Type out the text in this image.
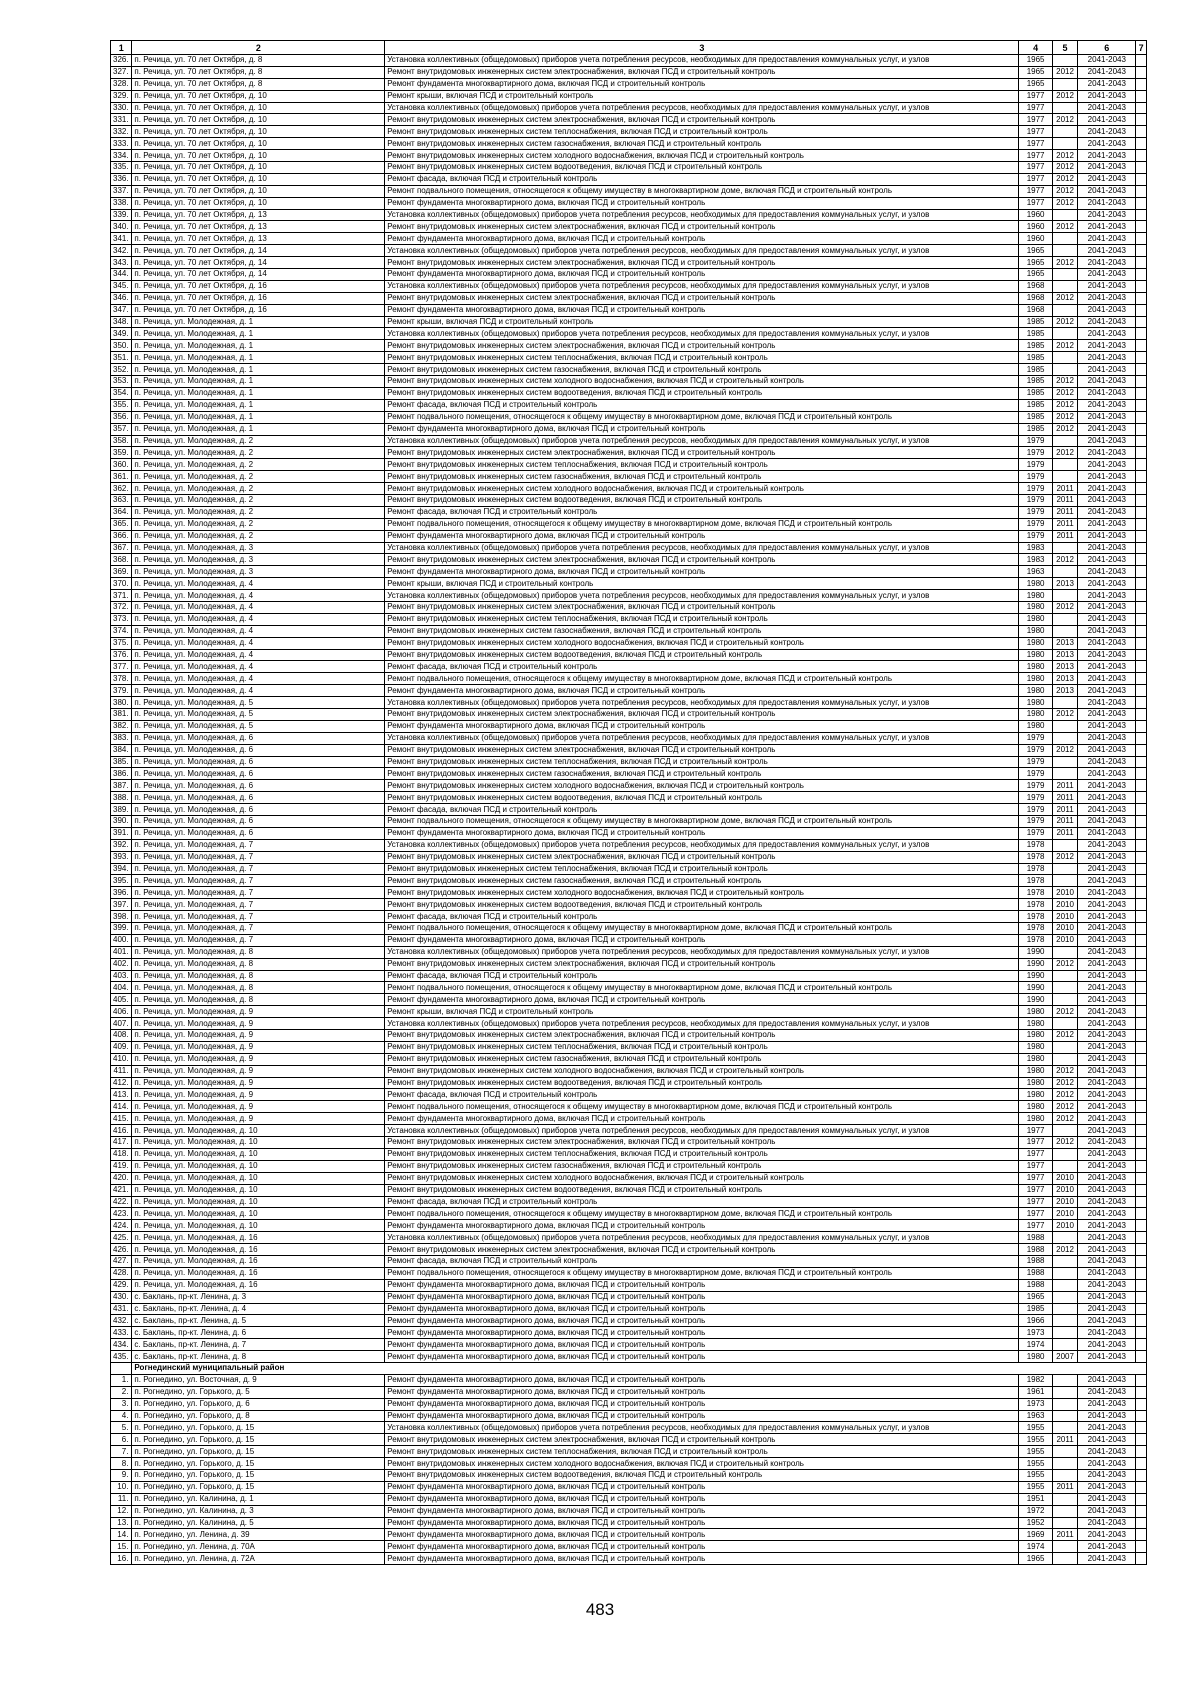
1	2	3	4	5	6	7
326.	п. Речица, ул. 70 лет Октября, д. 8	Установка коллективных (общедомовых) приборов учета потребления ресурсов, необходимых для предоставления коммунальных услуг, и узлов	1965		2041-2043	
327.	п. Речица, ул. 70 лет Октября, д. 8	Ремонт внутридомовых инженерных систем электроснабжения, включая ПСД и строительный контроль	1965	2012	2041-2043	
328.	п. Речица, ул. 70 лет Октября, д. 8	Ремонт фундамента многоквартирного дома, включая ПСД и строительный контроль	1965		2041-2043	
329.	п. Речица, ул. 70 лет Октября, д. 10	Ремонт крыши, включая ПСД и строительный контроль	1977	2012	2041-2043	
330.	п. Речица, ул. 70 лет Октября, д. 10	Установка коллективных (общедомовых) приборов учета потребления ресурсов, необходимых для предоставления коммунальных услуг, и узлов	1977		2041-2043	
331.	п. Речица, ул. 70 лет Октября, д. 10	Ремонт внутридомовых инженерных систем электроснабжения, включая ПСД и строительный контроль	1977	2012	2041-2043	
332.	п. Речица, ул. 70 лет Октября, д. 10	Ремонт внутридомовых инженерных систем теплоснабжения, включая ПСД и строительный контроль	1977		2041-2043	
333.	п. Речица, ул. 70 лет Октября, д. 10	Ремонт внутридомовых инженерных систем газоснабжения, включая ПСД и строительный контроль	1977		2041-2043	
334.	п. Речица, ул. 70 лет Октября, д. 10	Ремонт внутридомовых инженерных систем холодного водоснабжения, включая ПСД и строительный контроль	1977	2012	2041-2043	
335.	п. Речица, ул. 70 лет Октября, д. 10	Ремонт внутридомовых инженерных систем водоотведения, включая ПСД и строительный контроль	1977	2012	2041-2043	
336.	п. Речица, ул. 70 лет Октября, д. 10	Ремонт фасада, включая ПСД и строительный контроль	1977	2012	2041-2043	
337.	п. Речица, ул. 70 лет Октября, д. 10	Ремонт подвального помещения, относящегося к общему имуществу в многоквартирном доме, включая ПСД и строительный контроль	1977	2012	2041-2043	
338.	п. Речица, ул. 70 лет Октября, д. 10	Ремонт фундамента многоквартирного дома, включая ПСД и строительный контроль	1977	2012	2041-2043	
339.	п. Речица, ул. 70 лет Октября, д. 13	Установка коллективных (общедомовых) приборов учета потребления ресурсов, необходимых для предоставления коммунальных услуг, и узлов	1960		2041-2043	
340.	п. Речица, ул. 70 лет Октября, д. 13	Ремонт внутридомовых инженерных систем электроснабжения, включая ПСД и строительный контроль	1960	2012	2041-2043	
341.	п. Речица, ул. 70 лет Октября, д. 13	Ремонт фундамента многоквартирного дома, включая ПСД и строительный контроль	1960		2041-2043	
342.	п. Речица, ул. 70 лет Октября, д. 14	Установка коллективных (общедомовых) приборов учета потребления ресурсов, необходимых для предоставления коммунальных услуг, и узлов	1965		2041-2043	
343.	п. Речица, ул. 70 лет Октября, д. 14	Ремонт внутридомовых инженерных систем электроснабжения, включая ПСД и строительный контроль	1965	2012	2041-2043	
344.	п. Речица, ул. 70 лет Октября, д. 14	Ремонт фундамента многоквартирного дома, включая ПСД и строительный контроль	1965		2041-2043	
345.	п. Речица, ул. 70 лет Октября, д. 16	Установка коллективных (общедомовых) приборов учета потребления ресурсов, необходимых для предоставления коммунальных услуг, и узлов	1968		2041-2043	
346.	п. Речица, ул. 70 лет Октября, д. 16	Ремонт внутридомовых инженерных систем электроснабжения, включая ПСД и строительный контроль	1968	2012	2041-2043	
347.	п. Речица, ул. 70 лет Октября, д. 16	Ремонт фундамента многоквартирного дома, включая ПСД и строительный контроль	1968		2041-2043	
348.	п. Речица, ул. Молодежная, д. 1	Ремонт крыши, включая ПСД и строительный контроль	1985	2012	2041-2043	
349.	п. Речица, ул. Молодежная, д. 1	Установка коллективных (общедомовых) приборов учета потребления ресурсов, необходимых для предоставления коммунальных услуг, и узлов	1985		2041-2043	
350.	п. Речица, ул. Молодежная, д. 1	Ремонт внутридомовых инженерных систем электроснабжения, включая ПСД и строительный контроль	1985	2012	2041-2043	
351.	п. Речица, ул. Молодежная, д. 1	Ремонт внутридомовых инженерных систем теплоснабжения, включая ПСД и строительный контроль	1985		2041-2043	
352.	п. Речица, ул. Молодежная, д. 1	Ремонт внутридомовых инженерных систем газоснабжения, включая ПСД и строительный контроль	1985		2041-2043	
353.	п. Речица, ул. Молодежная, д. 1	Ремонт внутридомовых инженерных систем холодного водоснабжения, включая ПСД и строительный контроль	1985	2012	2041-2043	
354.	п. Речица, ул. Молодежная, д. 1	Ремонт внутридомовых инженерных систем водоотведения, включая ПСД и строительный контроль	1985	2012	2041-2043	
355.	п. Речица, ул. Молодежная, д. 1	Ремонт фасада, включая ПСД и строительный контроль	1985	2012	2041-2043	
356.	п. Речица, ул. Молодежная, д. 1	Ремонт подвального помещения, относящегося к общему имуществу в многоквартирном доме, включая ПСД и строительный контроль	1985	2012	2041-2043	
357.	п. Речица, ул. Молодежная, д. 1	Ремонт фундамента многоквартирного дома, включая ПСД и строительный контроль	1985	2012	2041-2043	
358.	п. Речица, ул. Молодежная, д. 2	Установка коллективных (общедомовых) приборов учета потребления ресурсов, необходимых для предоставления коммунальных услуг, и узлов	1979		2041-2043	
359.	п. Речица, ул. Молодежная, д. 2	Ремонт внутридомовых инженерных систем электроснабжения, включая ПСД и строительный контроль	1979	2012	2041-2043	
360.	п. Речица, ул. Молодежная, д. 2	Ремонт внутридомовых инженерных систем теплоснабжения, включая ПСД и строительный контроль	1979		2041-2043	
361.	п. Речица, ул. Молодежная, д. 2	Ремонт внутридомовых инженерных систем газоснабжения, включая ПСД и строительный контроль	1979		2041-2043	
362.	п. Речица, ул. Молодежная, д. 2	Ремонт внутридомовых инженерных систем холодного водоснабжения, включая ПСД и строительный контроль	1979	2011	2041-2043	
363.	п. Речица, ул. Молодежная, д. 2	Ремонт внутридомовых инженерных систем водоотведения, включая ПСД и строительный контроль	1979	2011	2041-2043	
364.	п. Речица, ул. Молодежная, д. 2	Ремонт фасада, включая ПСД и строительный контроль	1979	2011	2041-2043	
365.	п. Речица, ул. Молодежная, д. 2	Ремонт подвального помещения, относящегося к общему имуществу в многоквартирном доме, включая ПСД и строительный контроль	1979	2011	2041-2043	
366.	п. Речица, ул. Молодежная, д. 2	Ремонт фундамента многоквартирного дома, включая ПСД и строительный контроль	1979	2011	2041-2043	
367.	п. Речица, ул. Молодежная, д. 3	Установка коллективных (общедомовых) приборов учета потребления ресурсов, необходимых для предоставления коммунальных услуг, и узлов	1983		2041-2043	
368.	п. Речица, ул. Молодежная, д. 3	Ремонт внутридомовых инженерных систем электроснабжения, включая ПСД и строительный контроль	1983	2012	2041-2043	
369.	п. Речица, ул. Молодежная, д. 3	Ремонт фундамента многоквартирного дома, включая ПСД и строительный контроль	1963		2041-2043	
370.	п. Речица, ул. Молодежная, д. 4	Ремонт крыши, включая ПСД и строительный контроль	1980	2013	2041-2043	
371.	п. Речица, ул. Молодежная, д. 4	Установка коллективных (общедомовых) приборов учета потребления ресурсов, необходимых для предоставления коммунальных услуг, и узлов	1980		2041-2043	
372.	п. Речица, ул. Молодежная, д. 4	Ремонт внутридомовых инженерных систем электроснабжения, включая ПСД и строительный контроль	1980	2012	2041-2043	
373.	п. Речица, ул. Молодежная, д. 4	Ремонт внутридомовых инженерных систем теплоснабжения, включая ПСД и строительный контроль	1980		2041-2043	
374.	п. Речица, ул. Молодежная, д. 4	Ремонт внутридомовых инженерных систем газоснабжения, включая ПСД и строительный контроль	1980		2041-2043	
375.	п. Речица, ул. Молодежная, д. 4	Ремонт внутридомовых инженерных систем холодного водоснабжения, включая ПСД и строительный контроль	1980	2013	2041-2043	
376.	п. Речица, ул. Молодежная, д. 4	Ремонт внутридомовых инженерных систем водоотведения, включая ПСД и строительный контроль	1980	2013	2041-2043	
377.	п. Речица, ул. Молодежная, д. 4	Ремонт фасада, включая ПСД и строительный контроль	1980	2013	2041-2043	
378.	п. Речица, ул. Молодежная, д. 4	Ремонт подвального помещения, относящегося к общему имуществу в многоквартирном доме, включая ПСД и строительный контроль	1980	2013	2041-2043	
379.	п. Речица, ул. Молодежная, д. 4	Ремонт фундамента многоквартирного дома, включая ПСД и строительный контроль	1980	2013	2041-2043	
380.	п. Речица, ул. Молодежная, д. 5	Установка коллективных (общедомовых) приборов учета потребления ресурсов, необходимых для предоставления коммунальных услуг, и узлов	1980		2041-2043	
381.	п. Речица, ул. Молодежная, д. 5	Ремонт внутридомовых инженерных систем электроснабжения, включая ПСД и строительный контроль	1980	2012	2041-2043	
382.	п. Речица, ул. Молодежная, д. 5	Ремонт фундамента многоквартирного дома, включая ПСД и строительный контроль	1980		2041-2043	
383.	п. Речица, ул. Молодежная, д. 6	Установка коллективных (общедомовых) приборов учета потребления ресурсов, необходимых для предоставления коммунальных услуг, и узлов	1979		2041-2043	
384.	п. Речица, ул. Молодежная, д. 6	Ремонт внутридомовых инженерных систем электроснабжения, включая ПСД и строительный контроль	1979	2012	2041-2043	
385.	п. Речица, ул. Молодежная, д. 6	Ремонт внутридомовых инженерных систем теплоснабжения, включая ПСД и строительный контроль	1979		2041-2043	
386.	п. Речица, ул. Молодежная, д. 6	Ремонт внутридомовых инженерных систем газоснабжения, включая ПСД и строительный контроль	1979		2041-2043	
387.	п. Речица, ул. Молодежная, д. 6	Ремонт внутридомовых инженерных систем холодного водоснабжения, включая ПСД и строительный контроль	1979	2011	2041-2043	
388.	п. Речица, ул. Молодежная, д. 6	Ремонт внутридомовых инженерных систем водоотведения, включая ПСД и строительный контроль	1979	2011	2041-2043	
389.	п. Речица, ул. Молодежная, д. 6	Ремонт фасада, включая ПСД и строительный контроль	1979	2011	2041-2043	
390.	п. Речица, ул. Молодежная, д. 6	Ремонт подвального помещения, относящегося к общему имуществу в многоквартирном доме, включая ПСД и строительный контроль	1979	2011	2041-2043	
391.	п. Речица, ул. Молодежная, д. 6	Ремонт фундамента многоквартирного дома, включая ПСД и строительный контроль	1979	2011	2041-2043	
392.	п. Речица, ул. Молодежная, д. 7	Установка коллективных (общедомовых) приборов учета потребления ресурсов, необходимых для предоставления коммунальных услуг, и узлов	1978		2041-2043	
393.	п. Речица, ул. Молодежная, д. 7	Ремонт внутридомовых инженерных систем электроснабжения, включая ПСД и строительный контроль	1978	2012	2041-2043	
394.	п. Речица, ул. Молодежная, д. 7	Ремонт внутридомовых инженерных систем теплоснабжения, включая ПСД и строительный контроль	1978		2041-2043	
395.	п. Речица, ул. Молодежная, д. 7	Ремонт внутридомовых инженерных систем газоснабжения, включая ПСД и строительный контроль	1978		2041-2043	
396.	п. Речица, ул. Молодежная, д. 7	Ремонт внутридомовых инженерных систем холодного водоснабжения, включая ПСД и строительный контроль	1978	2010	2041-2043	
397.	п. Речица, ул. Молодежная, д. 7	Ремонт внутридомовых инженерных систем водоотведения, включая ПСД и строительный контроль	1978	2010	2041-2043	
398.	п. Речица, ул. Молодежная, д. 7	Ремонт фасада, включая ПСД и строительный контроль	1978	2010	2041-2043	
399.	п. Речица, ул. Молодежная, д. 7	Ремонт подвального помещения, относящегося к общему имуществу в многоквартирном доме, включая ПСД и строительный контроль	1978	2010	2041-2043	
400.	п. Речица, ул. Молодежная, д. 7	Ремонт фундамента многоквартирного дома, включая ПСД и строительный контроль	1978	2010	2041-2043	
401.	п. Речица, ул. Молодежная, д. 8	Установка коллективных (общедомовых) приборов учета потребления ресурсов, необходимых для предоставления коммунальных услуг, и узлов	1990		2041-2043	
402.	п. Речица, ул. Молодежная, д. 8	Ремонт внутридомовых инженерных систем электроснабжения, включая ПСД и строительный контроль	1990	2012	2041-2043	
403.	п. Речица, ул. Молодежная, д. 8	Ремонт фасада, включая ПСД и строительный контроль	1990		2041-2043	
404.	п. Речица, ул. Молодежная, д. 8	Ремонт подвального помещения, относящегося к общему имуществу в многоквартирном доме, включая ПСД и строительный контроль	1990		2041-2043	
405.	п. Речица, ул. Молодежная, д. 8	Ремонт фундамента многоквартирного дома, включая ПСД и строительный контроль	1990		2041-2043	
406.	п. Речица, ул. Молодежная, д. 9	Ремонт крыши, включая ПСД и строительный контроль	1980	2012	2041-2043	
407.	п. Речица, ул. Молодежная, д. 9	Установка коллективных (общедомовых) приборов учета потребления ресурсов, необходимых для предоставления коммунальных услуг, и узлов	1980		2041-2043	
408.	п. Речица, ул. Молодежная, д. 9	Ремонт внутридомовых инженерных систем электроснабжения, включая ПСД и строительный контроль	1980	2012	2041-2043	
409.	п. Речица, ул. Молодежная, д. 9	Ремонт внутридомовых инженерных систем теплоснабжения, включая ПСД и строительный контроль	1980		2041-2043	
410.	п. Речица, ул. Молодежная, д. 9	Ремонт внутридомовых инженерных систем газоснабжения, включая ПСД и строительный контроль	1980		2041-2043	
411.	п. Речица, ул. Молодежная, д. 9	Ремонт внутридомовых инженерных систем холодного водоснабжения, включая ПСД и строительный контроль	1980	2012	2041-2043	
412.	п. Речица, ул. Молодежная, д. 9	Ремонт внутридомовых инженерных систем водоотведения, включая ПСД и строительный контроль	1980	2012	2041-2043	
413.	п. Речица, ул. Молодежная, д. 9	Ремонт фасада, включая ПСД и строительный контроль	1980	2012	2041-2043	
414.	п. Речица, ул. Молодежная, д. 9	Ремонт подвального помещения, относящегося к общему имуществу в многоквартирном доме, включая ПСД и строительный контроль	1980	2012	2041-2043	
415.	п. Речица, ул. Молодежная, д. 9	Ремонт фундамента многоквартирного дома, включая ПСД и строительный контроль	1980	2012	2041-2043	
416.	п. Речица, ул. Молодежная, д. 10	Установка коллективных (общедомовых) приборов учета потребления ресурсов, необходимых для предоставления коммунальных услуг, и узлов	1977		2041-2043	
417.	п. Речица, ул. Молодежная, д. 10	Ремонт внутридомовых инженерных систем электроснабжения, включая ПСД и строительный контроль	1977	2012	2041-2043	
418.	п. Речица, ул. Молодежная, д. 10	Ремонт внутридомовых инженерных систем теплоснабжения, включая ПСД и строительный контроль	1977		2041-2043	
419.	п. Речица, ул. Молодежная, д. 10	Ремонт внутридомовых инженерных систем газоснабжения, включая ПСД и строительный контроль	1977		2041-2043	
420.	п. Речица, ул. Молодежная, д. 10	Ремонт внутридомовых инженерных систем холодного водоснабжения, включая ПСД и строительный контроль	1977	2010	2041-2043	
421.	п. Речица, ул. Молодежная, д. 10	Ремонт внутридомовых инженерных систем водоотведения, включая ПСД и строительный контроль	1977	2010	2041-2043	
422.	п. Речица, ул. Молодежная, д. 10	Ремонт фасада, включая ПСД и строительный контроль	1977	2010	2041-2043	
423.	п. Речица, ул. Молодежная, д. 10	Ремонт подвального помещения, относящегося к общему имуществу в многоквартирном доме, включая ПСД и строительный контроль	1977	2010	2041-2043	
424.	п. Речица, ул. Молодежная, д. 10	Ремонт фундамента многоквартирного дома, включая ПСД и строительный контроль	1977	2010	2041-2043	
425.	п. Речица, ул. Молодежная, д. 16	Установка коллективных (общедомовых) приборов учета потребления ресурсов, необходимых для предоставления коммунальных услуг, и узлов	1988		2041-2043	
426.	п. Речица, ул. Молодежная, д. 16	Ремонт внутридомовых инженерных систем электроснабжения, включая ПСД и строительный контроль	1988	2012	2041-2043	
427.	п. Речица, ул. Молодежная, д. 16	Ремонт фасада, включая ПСД и строительный контроль	1988		2041-2043	
428.	п. Речица, ул. Молодежная, д. 16	Ремонт подвального помещения, относящегося к общему имуществу в многоквартирном доме, включая ПСД и строительный контроль	1988		2041-2043	
429.	п. Речица, ул. Молодежная, д. 16	Ремонт фундамента многоквартирного дома, включая ПСД и строительный контроль	1988		2041-2043	
430.	с. Баклань, пр-кт. Ленина, д. 3	Ремонт фундамента многоквартирного дома, включая ПСД и строительный контроль	1965		2041-2043	
431.	с. Баклань, пр-кт. Ленина, д. 4	Ремонт фундамента многоквартирного дома, включая ПСД и строительный контроль	1985		2041-2043	
432.	с. Баклань, пр-кт. Ленина, д. 5	Ремонт фундамента многоквартирного дома, включая ПСД и строительный контроль	1966		2041-2043	
433.	с. Баклань, пр-кт. Ленина, д. 6	Ремонт фундамента многоквартирного дома, включая ПСД и строительный контроль	1973		2041-2043	
434.	с. Баклань, пр-кт. Ленина, д. 7	Ремонт фундамента многоквартирного дома, включая ПСД и строительный контроль	1974		2041-2043	
435.	с. Баклань, пр-кт. Ленина, д. 8	Ремонт фундамента многоквартирного дома, включая ПСД и строительный контроль	1980	2007	2041-2043	
	Рогнединский муниципальный район					
1.	п. Рогнедино, ул. Восточная, д. 9	Ремонт фундамента многоквартирного дома, включая ПСД и строительный контроль	1982		2041-2043	
2.	п. Рогнедино, ул. Горького, д. 5	Ремонт фундамента многоквартирного дома, включая ПСД и строительный контроль	1961		2041-2043	
3.	п. Рогнедино, ул. Горького, д. 6	Ремонт фундамента многоквартирного дома, включая ПСД и строительный контроль	1973		2041-2043	
4.	п. Рогнедино, ул. Горького, д. 8	Ремонт фундамента многоквартирного дома, включая ПСД и строительный контроль	1963		2041-2043	
5.	п. Рогнедино, ул. Горького, д. 15	Установка коллективных (общедомовых) приборов учета потребления ресурсов, необходимых для предоставления коммунальных услуг, и узлов	1955		2041-2043	
6.	п. Рогнедино, ул. Горького, д. 15	Ремонт внутридомовых инженерных систем электроснабжения, включая ПСД и строительный контроль	1955	2011	2041-2043	
7.	п. Рогнедино, ул. Горького, д. 15	Ремонт внутридомовых инженерных систем теплоснабжения, включая ПСД и строительный контроль	1955		2041-2043	
8.	п. Рогнедино, ул. Горького, д. 15	Ремонт внутридомовых инженерных систем холодного водоснабжения, включая ПСД и строительный контроль	1955		2041-2043	
9.	п. Рогнедино, ул. Горького, д. 15	Ремонт внутридомовых инженерных систем водоотведения, включая ПСД и строительный контроль	1955		2041-2043	
10.	п. Рогнедино, ул. Горького, д. 15	Ремонт фундамента многоквартирного дома, включая ПСД и строительный контроль	1955	2011	2041-2043	
11.	п. Рогнедино, ул. Калинина, д. 1	Ремонт фундамента многоквартирного дома, включая ПСД и строительный контроль	1951		2041-2043	
12.	п. Рогнедино, ул. Калинина, д. 3	Ремонт фундамента многоквартирного дома, включая ПСД и строительный контроль	1972		2041-2043	
13.	п. Рогнедино, ул. Калинина, д. 5	Ремонт фундамента многоквартирного дома, включая ПСД и строительный контроль	1952		2041-2043	
14.	п. Рогнедино, ул. Ленина, д. 39	Ремонт фундамента многоквартирного дома, включая ПСД и строительный контроль	1969	2011	2041-2043	
15.	п. Рогнедино, ул. Ленина, д. 70А	Ремонт фундамента многоквартирного дома, включая ПСД и строительный контроль	1974		2041-2043	
16.	п. Рогнедино, ул. Ленина, д. 72А	Ремонт фундамента многоквартирного дома, включая ПСД и строительный контроль	1965		2041-2043	
483
